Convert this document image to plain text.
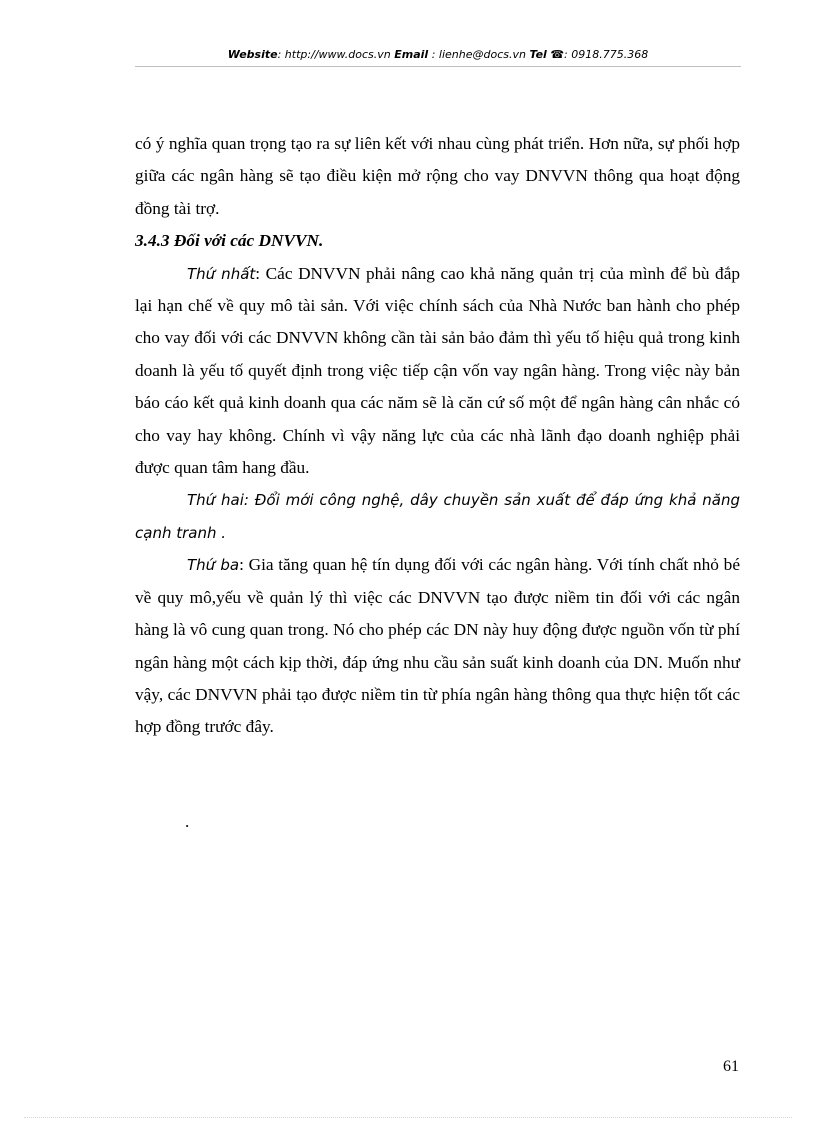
Website: http://www.docs.vn Email : lienhe@docs.vn Tel ☎: 0918.775.368

có ý nghĩa quan trọng tạo ra sự liên kết với nhau cùng phát triển. Hơn nữa, sự phối hợp giữa các ngân hàng sẽ tạo điều kiện mở rộng cho vay DNVVN thông qua hoạt động đồng tài trợ.

3.4.3 Đối với các DNVVN.

Thứ nhất: Các DNVVN phải nâng cao khả năng quản trị của mình để bù đắp lại hạn chế về quy mô tài sản. Với việc chính sách của Nhà Nước ban hành cho phép cho vay đối với các DNVVN không cần tài sản bảo đảm thì yếu tố hiệu quả trong kinh doanh là yếu tố quyết định trong việc tiếp cận vốn vay ngân hàng. Trong việc này bản báo cáo kết quả kinh doanh qua các năm sẽ là căn cứ số một để ngân hàng cân nhắc có cho vay hay không. Chính vì vậy năng lực của các nhà lãnh đạo doanh nghiệp phải được quan tâm hang đầu.

Thứ hai: Đổi mới công nghệ, dây chuyền sản xuất để đáp ứng khả năng cạnh tranh .

Thứ ba: Gia tăng quan hệ tín dụng đối với các ngân hàng. Với tính chất nhỏ bé về quy mô,yếu về quản lý thì việc các DNVVN tạo được niềm tin đối với các ngân hàng là vô cung quan trong. Nó cho phép các DN này huy động được nguồn vốn từ phí ngân hàng một cách kịp thời, đáp ứng nhu cầu sản suất kinh doanh của DN. Muốn như vậy, các DNVVN phải tạo được niềm tin từ phía ngân hàng thông qua thực hiện tốt các hợp đồng trước đây.

.
61
